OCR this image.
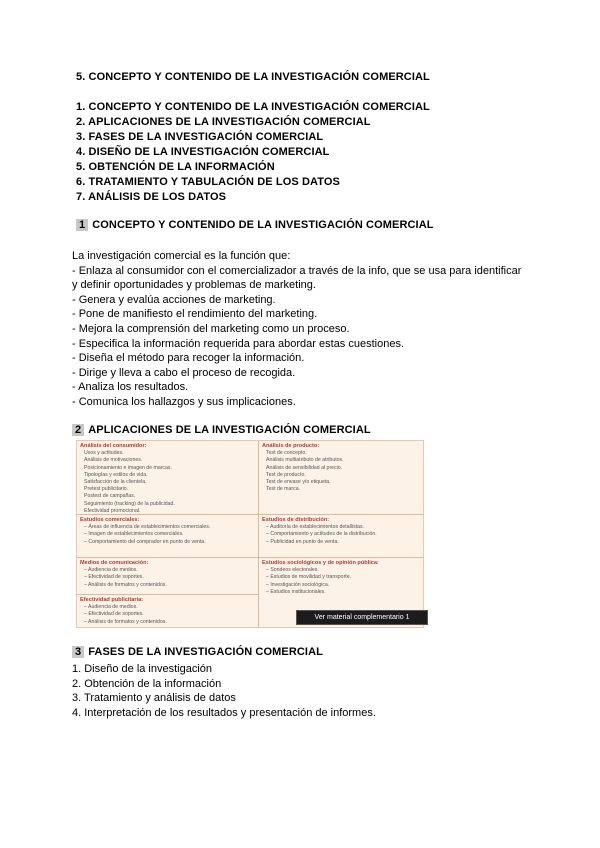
5. CONCEPTO Y CONTENIDO DE LA INVESTIGACIÓN COMERCIAL
1. CONCEPTO Y CONTENIDO DE LA INVESTIGACIÓN COMERCIAL
2. APLICACIONES DE LA INVESTIGACIÓN COMERCIAL
3. FASES DE LA INVESTIGACIÓN COMERCIAL
4. DISEÑO DE LA INVESTIGACIÓN COMERCIAL
5. OBTENCIÓN DE LA INFORMACIÓN
6. TRATAMIENTO Y TABULACIÓN DE LOS DATOS
7. ANÁLISIS DE LOS DATOS
1 CONCEPTO Y CONTENIDO DE LA INVESTIGACIÓN COMERCIAL
La investigación comercial es la función que:
- Enlaza al consumidor con el comercializador a través de la info, que se usa para identificar
y definir oportunidades y problemas de marketing.
- Genera y evalúa acciones de marketing.
- Pone de manifiesto el rendimiento del marketing.
- Mejora la comprensión del marketing como un proceso.
- Especifica la información requerida para abordar estas cuestiones.
- Diseña el método para recoger la información.
- Dirige y lleva a cabo el proceso de recogida.
- Analiza los resultados.
- Comunica los hallazgos y sus implicaciones.
2 APLICACIONES DE LA INVESTIGACIÓN COMERCIAL
Análisis del consumidor:
Usos y actitudes.
Análisis de motivaciones.
Posicionamiento e imagen de marcas.
Tipologías y estilos de vida.
Satisfacción de la clientela.
Pretest publicitario.
Postest de campañas.
Seguimiento (tracking) de la publicidad.
Efectividad promocional.
Análisis de producto:
Test de concepto.
Análisis multiatributo de atributos.
Análisis de sensibilidad al precio.
Test de producto.
Test de envase y/o etiqueta.
Test de marca.
Estudios comerciales:
– Áreas de influencia de establecimientos comerciales.
– Imagen de establecimientos comerciales.
– Comportamiento del comprador en punto de venta.
Estudios de distribución:
– Auditoría de establecimientos detallistas.
– Comportamiento y actitudes de la distribución.
– Publicidad en punto de venta.
Medios de comunicación:
– Audiencia de medios.
– Efectividad de soportes.
– Análisis de formatos y contenidos.
Estudios sociológicos y de opinión pública:
– Sondeos electorales.
– Estudios de movilidad y transporte.
– Investigación sociológica.
– Estudios institucionales.
Efectividad publicitaria:
– Audiencia de medios.
– Efectividad de soportes.
– Análisis de formatos y contenidos.
Ver material complementario 1
3 FASES DE LA INVESTIGACIÓN COMERCIAL
1. Diseño de la investigación
2. Obtención de la información
3. Tratamiento y análisis de datos
4. Interpretación de los resultados y presentación de informes.
